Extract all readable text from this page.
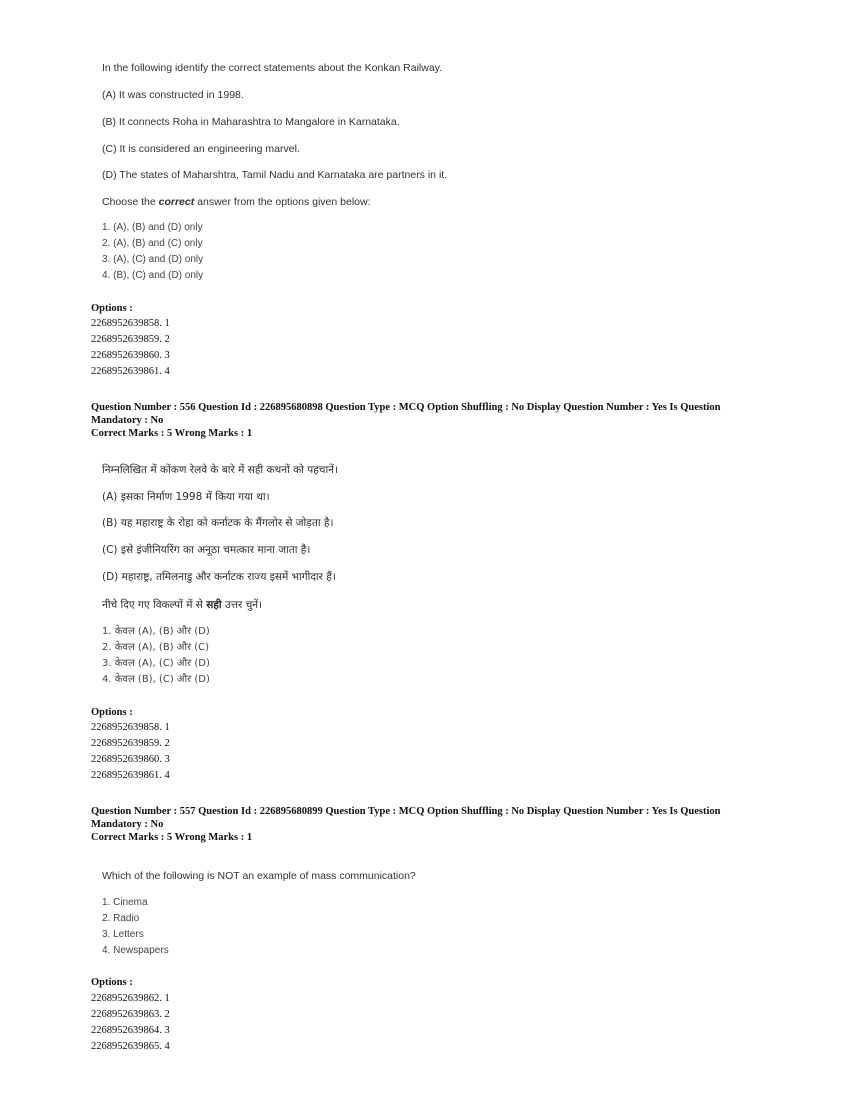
In the following identify the correct statements about the Konkan Railway.
(A) It was constructed in 1998.
(B) It connects Roha in Maharashtra to Mangalore in Karnataka.
(C) It is considered an engineering marvel.
(D) The states of Maharshtra, Tamil Nadu and Karnataka are partners in it.
Choose the correct answer from the options given below:
1. (A), (B) and (D) only
2. (A), (B) and (C) only
3. (A), (C) and (D) only
4. (B), (C) and (D) only
Options :
2268952639858. 1
2268952639859. 2
2268952639860. 3
2268952639861. 4
Question Number : 556 Question Id : 226895680898 Question Type : MCQ Option Shuffling : No Display Question Number : Yes Is Question
Mandatory : No
Correct Marks : 5 Wrong Marks : 1
निम्नलिखित में कोंकण रेलवे के बारे में सही कथनों को पहचानें।
(A) इसका निर्माण 1998 में किया गया था।
(B) यह महाराष्ट्र के रोहा को कर्नाटक के मैंगलोर से जोड़ता है।
(C) इसे इंजीनियरिंग का अनूठा चमत्कार माना जाता है।
(D) महाराष्ट्र, तमिलनाडु और कर्नाटक राज्य इसमें भागीदार हैं।
नीचे दिए गए विकल्पों में से सही उत्तर चुनें।
1. केवल (A), (B) और (D)
2. केवल (A), (B) और (C)
3. केवल (A), (C) और (D)
4. केवल (B), (C) और (D)
Options :
2268952639858. 1
2268952639859. 2
2268952639860. 3
2268952639861. 4
Question Number : 557 Question Id : 226895680899 Question Type : MCQ Option Shuffling : No Display Question Number : Yes Is Question
Mandatory : No
Correct Marks : 5 Wrong Marks : 1
Which of the following is NOT an example of mass communication?
1. Cinema
2. Radio
3. Letters
4. Newspapers
Options :
2268952639862. 1
2268952639863. 2
2268952639864. 3
2268952639865. 4
